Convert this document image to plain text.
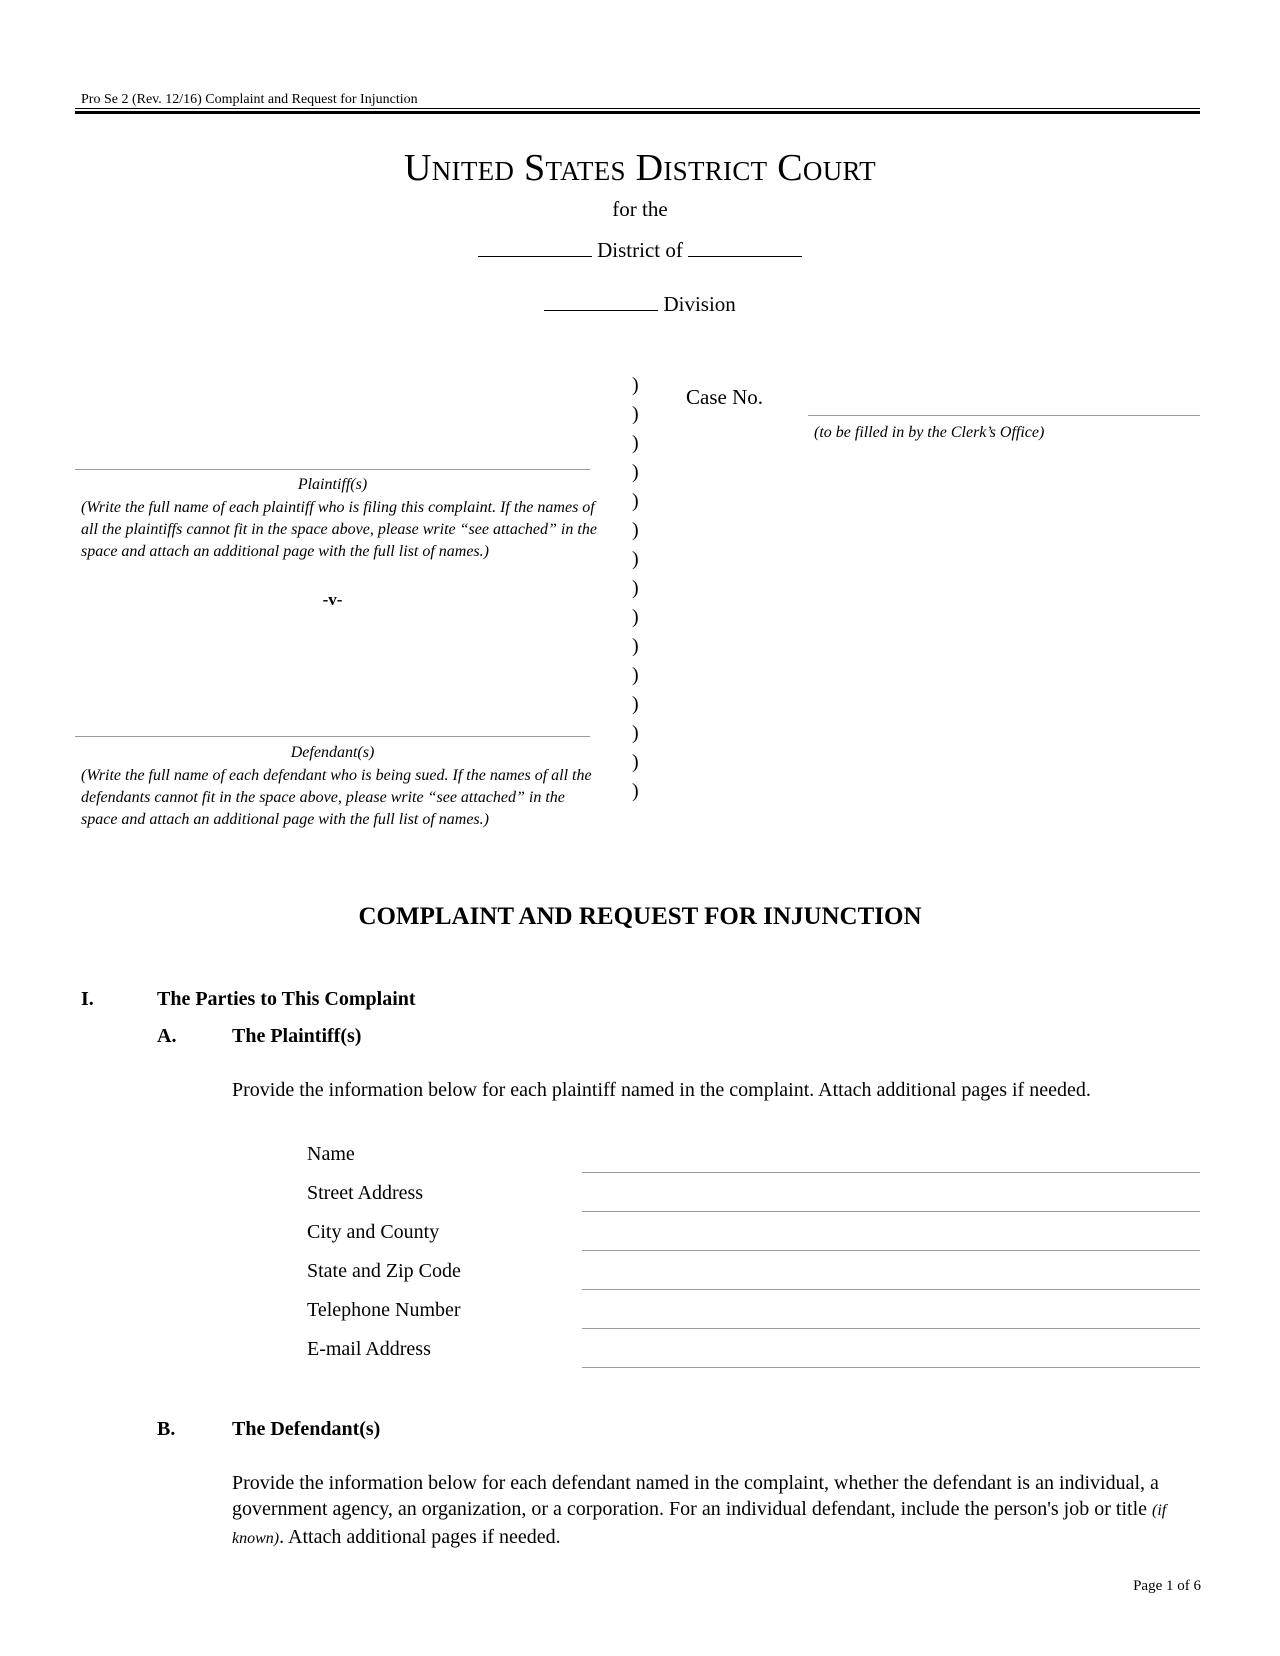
Pro Se 2 (Rev. 12/16) Complaint and Request for Injunction
United States District Court
for the
District of
Division
Plaintiff(s)
(Write the full name of each plaintiff who is filing this complaint. If the names of all the plaintiffs cannot fit in the space above, please write “see attached” in the space and attach an additional page with the full list of names.)
-v-
Defendant(s)
(Write the full name of each defendant who is being sued. If the names of all the defendants cannot fit in the space above, please write “see attached” in the space and attach an additional page with the full list of names.)
)
)
)
)
)
)
)
)
)
)
)
)
)
)
)
Case No.
(to be filled in by the Clerk’s Office)
COMPLAINT AND REQUEST FOR INJUNCTION
I.	The Parties to This Complaint
A.	The Plaintiff(s)
Provide the information below for each plaintiff named in the complaint. Attach additional pages if needed.
Name
Street Address
City and County
State and Zip Code
Telephone Number
E-mail Address
B.	The Defendant(s)
Provide the information below for each defendant named in the complaint, whether the defendant is an individual, a government agency, an organization, or a corporation. For an individual defendant, include the person's job or title (if known). Attach additional pages if needed.
Page 1 of 6
